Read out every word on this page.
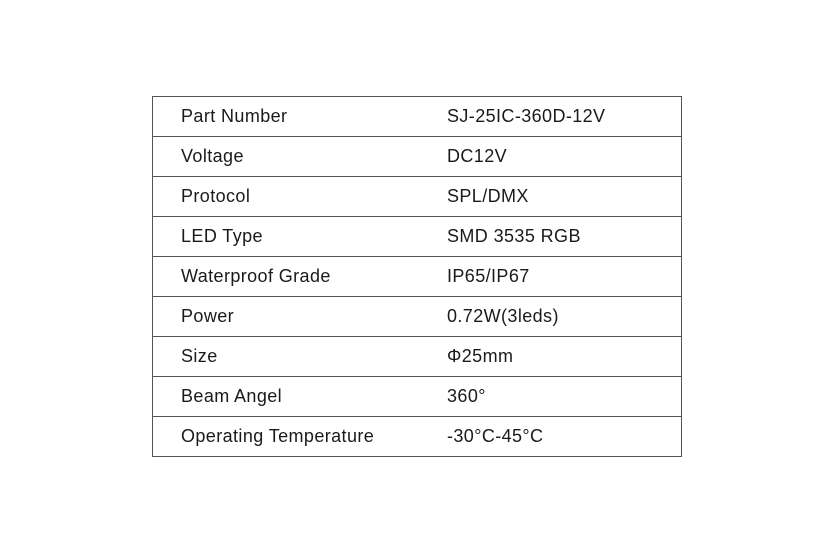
Part Number	SJ-25IC-360D-12V
Voltage	DC12V
Protocol	SPL/DMX
LED Type	SMD 3535 RGB
Waterproof Grade	IP65/IP67
Power	0.72W(3leds)
Size	Φ25mm
Beam Angel	360°
Operating Temperature	-30°C-45°C
